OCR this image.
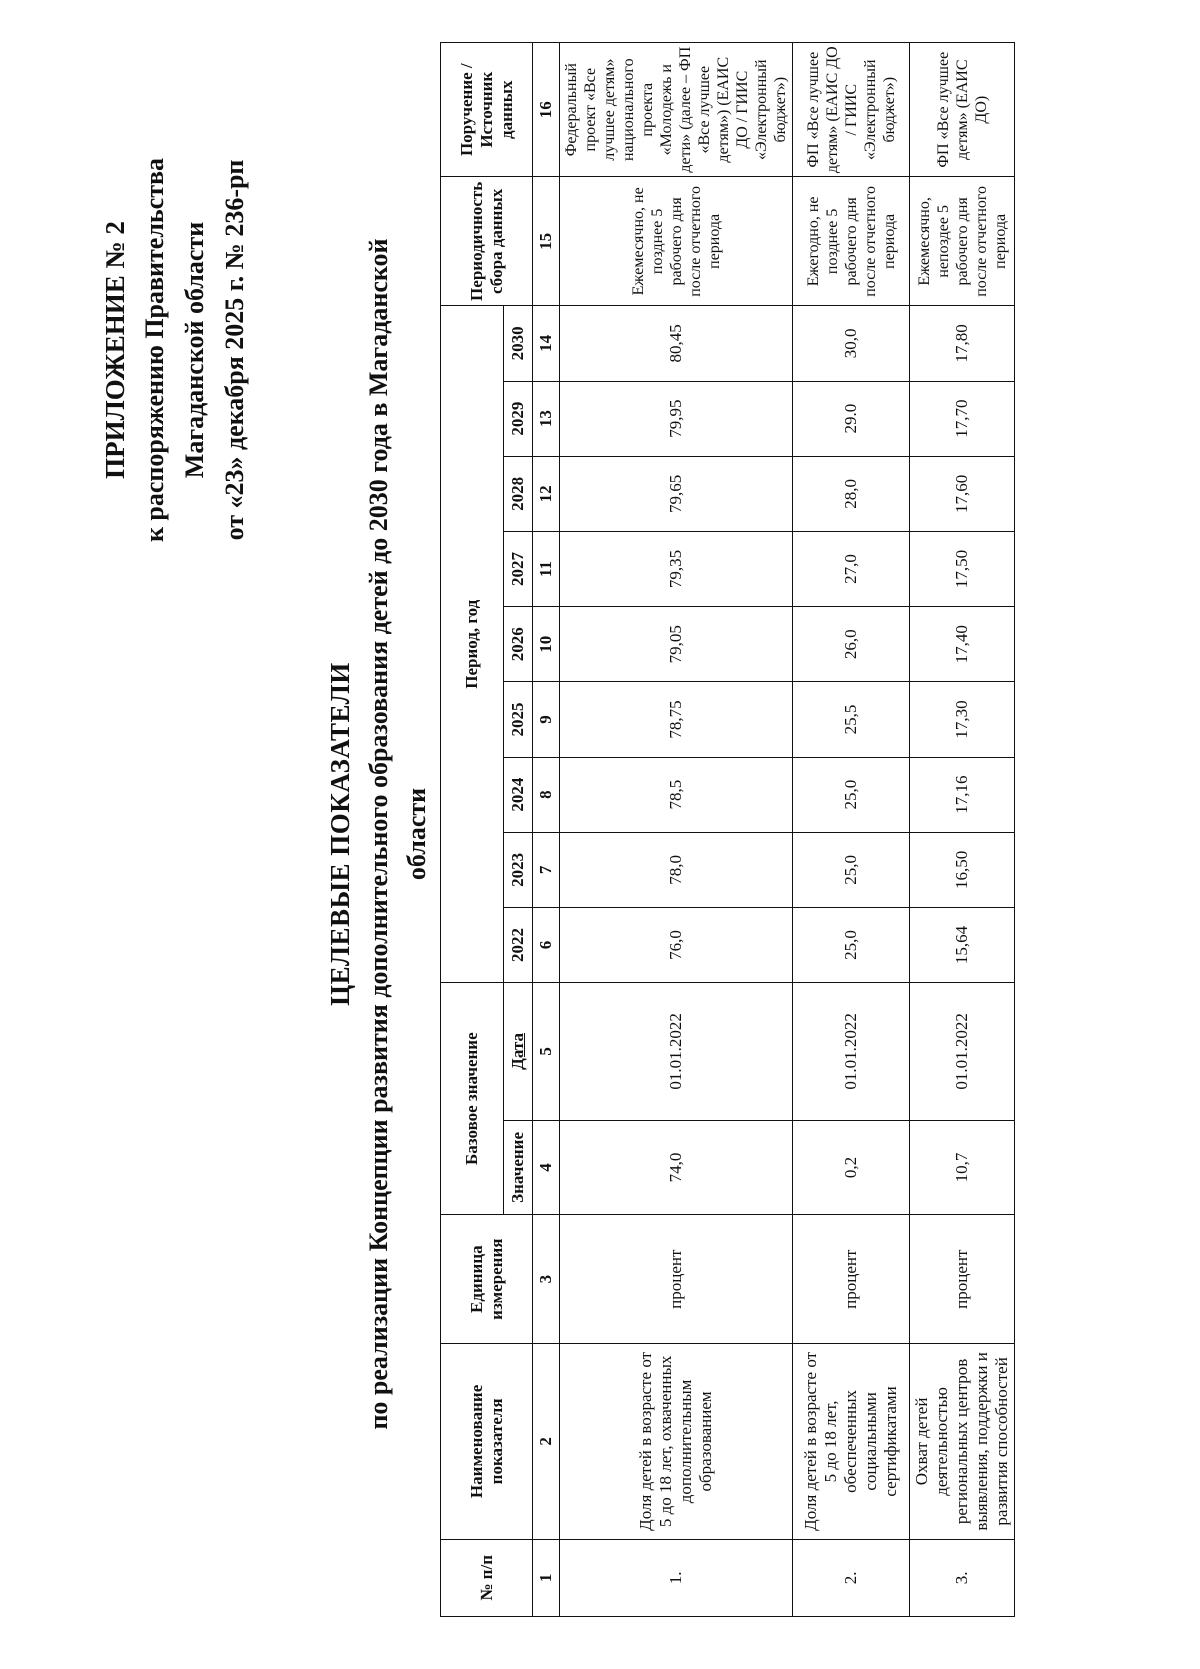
ПРИЛОЖЕНИЕ № 2 к распоряжению Правительства Магаданской области от «23» декабря 2025 г. № 236-рп
ЦЕЛЕВЫЕ ПОКАЗАТЕЛИ по реализации Концепции развития дополнительного образования детей до 2030 года в Магаданской области
№ п/п	Наименование показателя	Единица измерения	Базовое значение		Период, год									Периодичность сбора данных	Поручение / Источник данных
			Значение	Дата	2022	2023	2024	2025	2026	2027	2028	2029	2030		
1	2	3	4	5	6	7	8	9	10	11	12	13	14	15	16
1.	Доля детей в возрасте от 5 до 18 лет, охваченных дополнительным образованием	процент	74,0	01.01.2022	76,0	78,0	78,5	78,75	79,05	79,35	79,65	79,95	80,45	Ежемесячно, не позднее 5 рабочего дня после отчетного периода	Федеральный проект «Все лучшее детям» национального проекта «Молодежь и дети» (далее – ФП «Все лучшее детям») (ЕАИС ДО / ГИИС «Электронный бюджет»)
2.	Доля детей в возрасте от 5 до 18 лет, обеспеченных социальными сертификатами	процент	0,2	01.01.2022	25,0	25,0	25,0	25,5	26,0	27,0	28,0	29.0	30,0	Ежегодно, не позднее 5 рабочего дня после отчетного периода	ФП «Все лучшее детям» (ЕАИС ДО / ГИИС «Электронный бюджет»)
3.	Охват детей деятельностью региональных центров выявления, поддержки и развития способностей	процент	10,7	01.01.2022	15,64	16,50	17,16	17,30	17,40	17,50	17,60	17,70	17,80	Ежемесячно, непоздее 5 рабочего дня после отчетного периода	ФП «Все лучшее детям» (ЕАИС ДО)
